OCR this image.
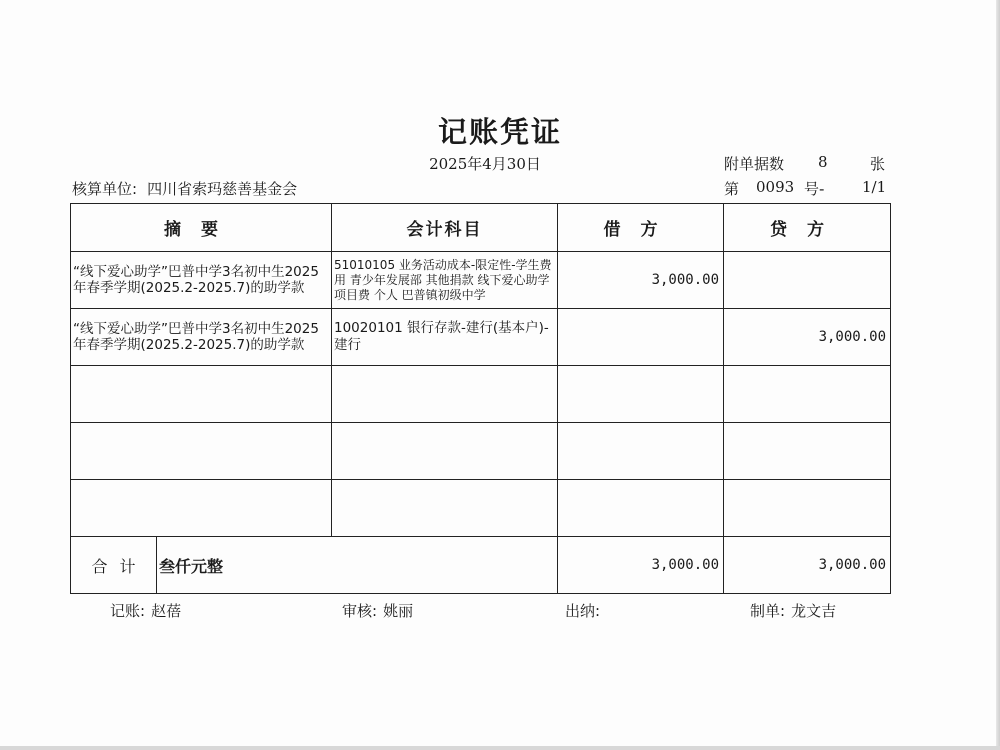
记账凭证
2025年4月30日	附单据数 8	张
核算单位: 四川省索玛慈善基金会	第 0093 号-	1/1
摘要	会计科目	借方	贷方
“线下爱心助学”巴普中学3名初中生2025年春季学期(2025.2-2025.7)的助学款	51010105 业务活动成本-限定性-学生费用 青少年发展部 其他捐款 线下爱心助学 项目费 个人 巴普镇初级中学	3,000.00	
“线下爱心助学”巴普中学3名初中生2025年春季学期(2025.2-2025.7)的助学款	10020101 银行存款-建行(基本户)-建行		3,000.00

合计 叁仟元整		3,000.00	3,000.00
记账: 赵蓓	审核: 姚丽	出纳:	制单: 龙文吉
